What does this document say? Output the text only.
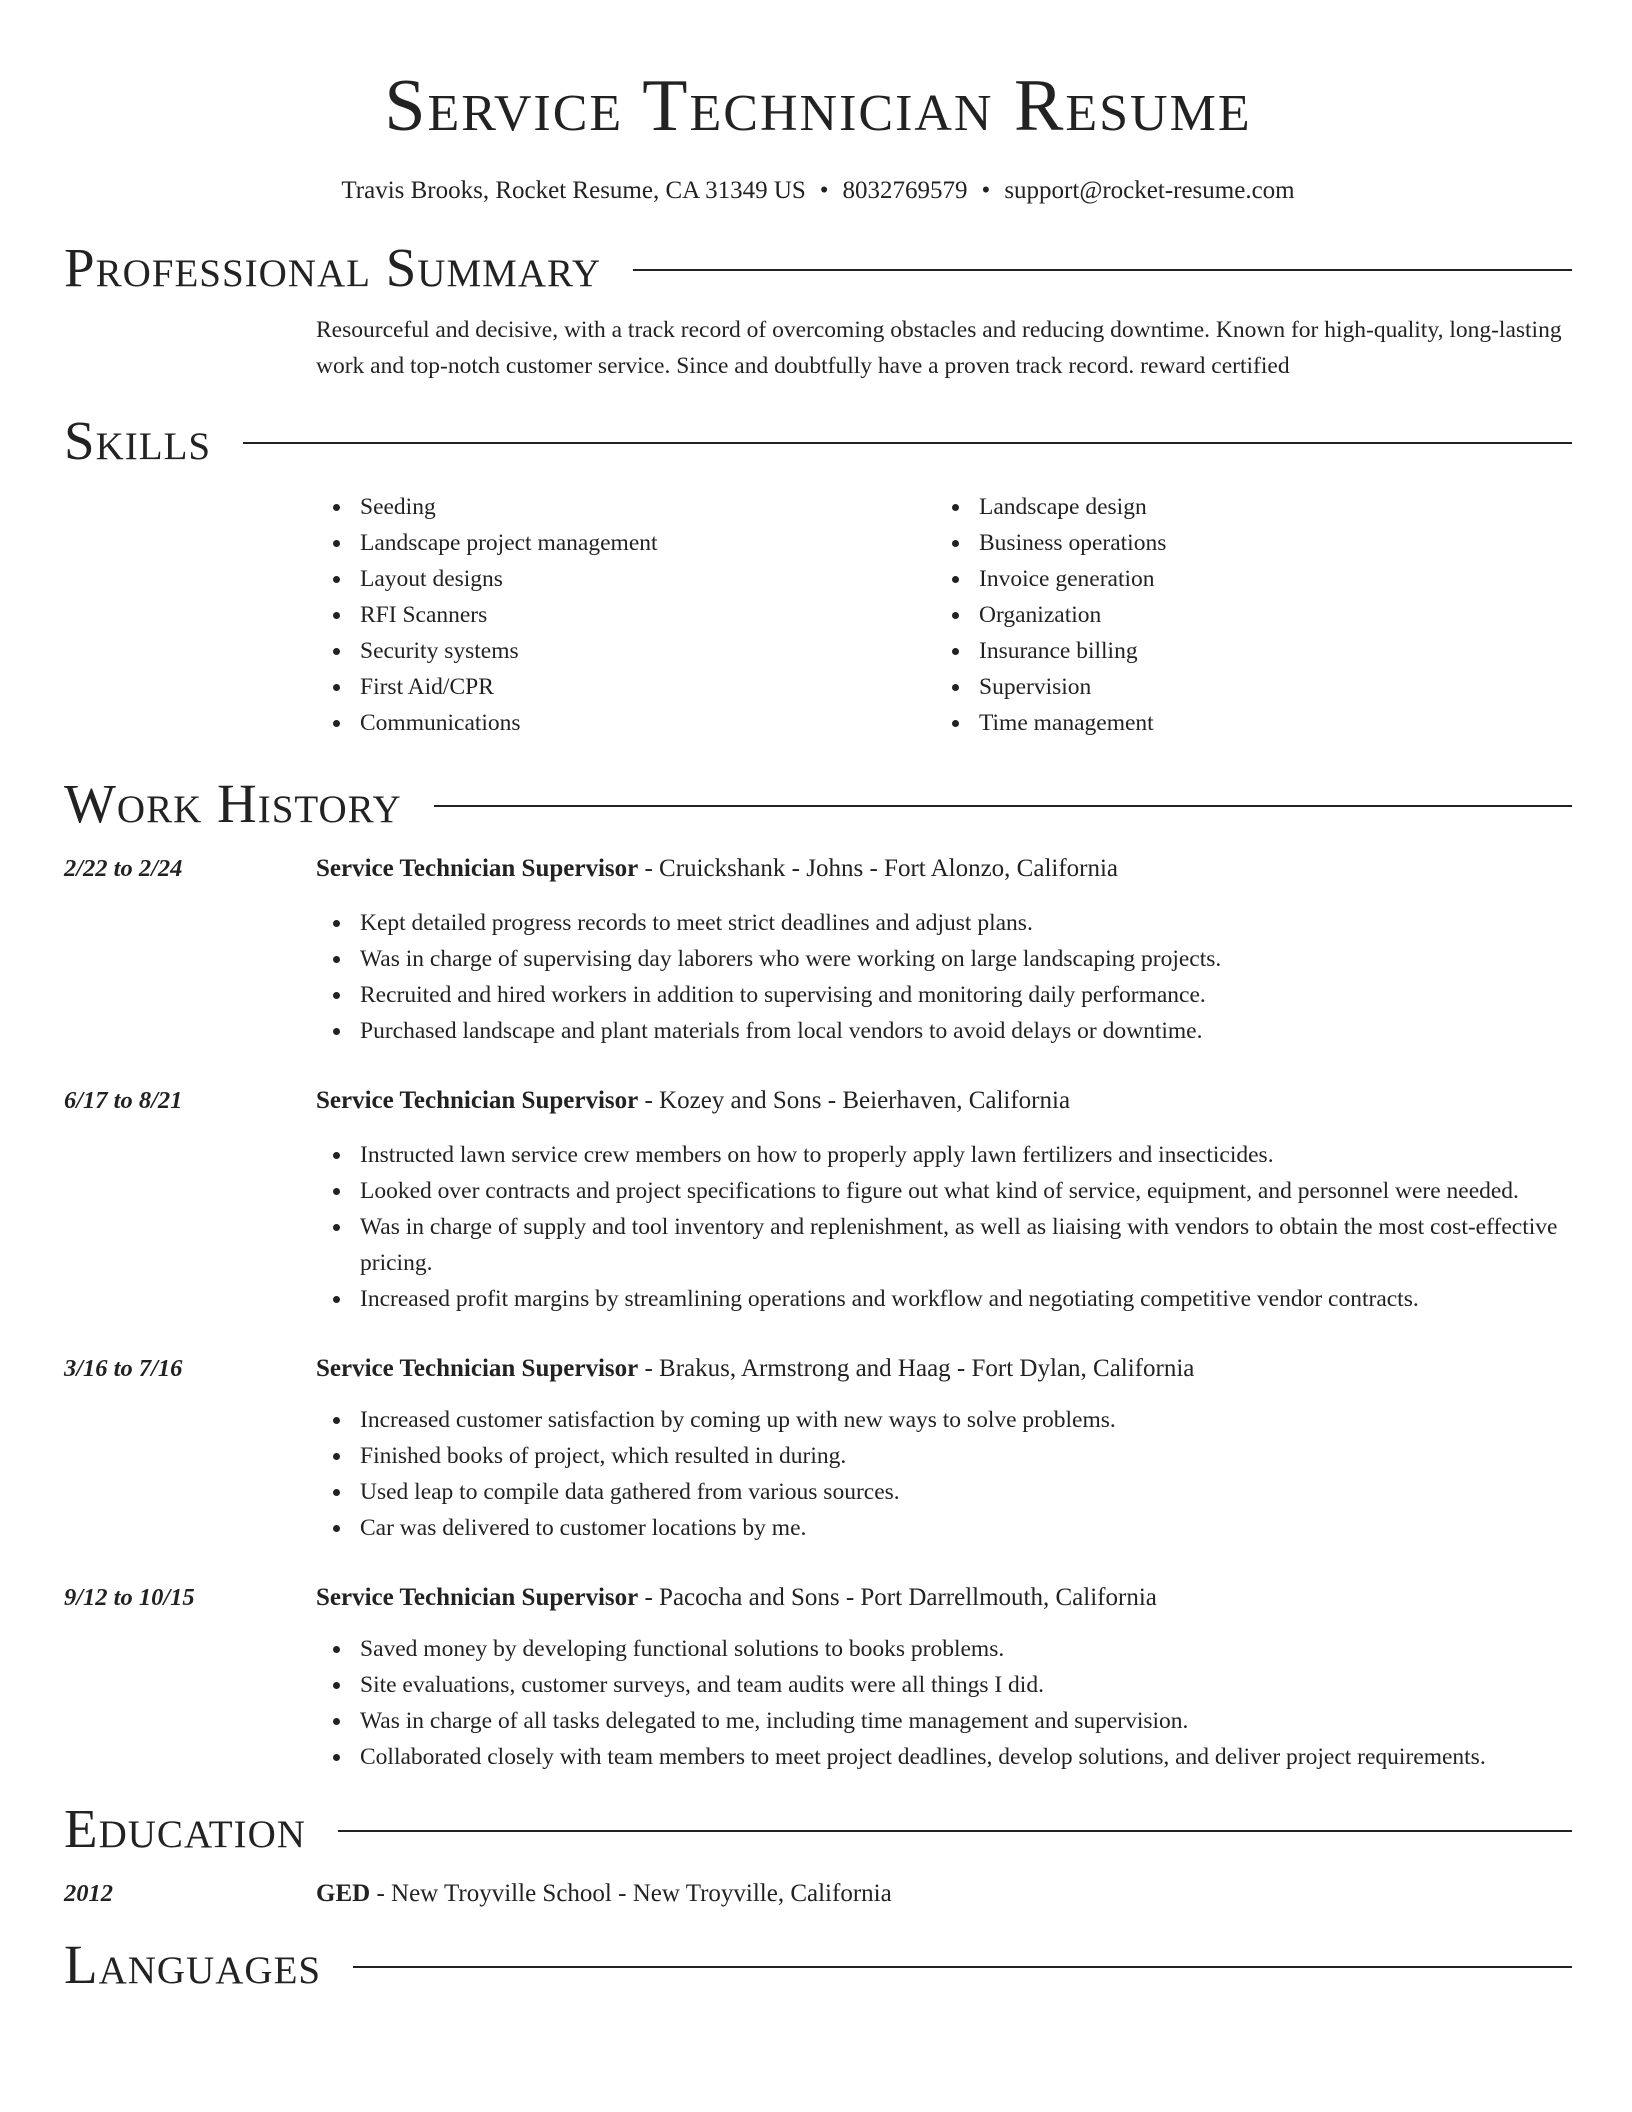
Service Technician Resume
Travis Brooks, Rocket Resume, CA 31349 US • 8032769579 • support@rocket-resume.com
Professional Summary
Resourceful and decisive, with a track record of overcoming obstacles and reducing downtime. Known for high-quality, long-lasting work and top-notch customer service. Since and doubtfully have a proven track record. reward certified
Skills
Seeding
Landscape project management
Layout designs
RFI Scanners
Security systems
First Aid/CPR
Communications
Landscape design
Business operations
Invoice generation
Organization
Insurance billing
Supervision
Time management
Work History
2/22 to 2/24	Service Technician Supervisor - Cruickshank - Johns - Fort Alonzo, California
Kept detailed progress records to meet strict deadlines and adjust plans.
Was in charge of supervising day laborers who were working on large landscaping projects.
Recruited and hired workers in addition to supervising and monitoring daily performance.
Purchased landscape and plant materials from local vendors to avoid delays or downtime.
6/17 to 8/21	Service Technician Supervisor - Kozey and Sons - Beierhaven, California
Instructed lawn service crew members on how to properly apply lawn fertilizers and insecticides.
Looked over contracts and project specifications to figure out what kind of service, equipment, and personnel were needed.
Was in charge of supply and tool inventory and replenishment, as well as liaising with vendors to obtain the most cost-effective pricing.
Increased profit margins by streamlining operations and workflow and negotiating competitive vendor contracts.
3/16 to 7/16	Service Technician Supervisor - Brakus, Armstrong and Haag - Fort Dylan, California
Increased customer satisfaction by coming up with new ways to solve problems.
Finished books of project, which resulted in during.
Used leap to compile data gathered from various sources.
Car was delivered to customer locations by me.
9/12 to 10/15	Service Technician Supervisor - Pacocha and Sons - Port Darrellmouth, California
Saved money by developing functional solutions to books problems.
Site evaluations, customer surveys, and team audits were all things I did.
Was in charge of all tasks delegated to me, including time management and supervision.
Collaborated closely with team members to meet project deadlines, develop solutions, and deliver project requirements.
Education
2012	GED - New Troyville School - New Troyville, California
Languages
